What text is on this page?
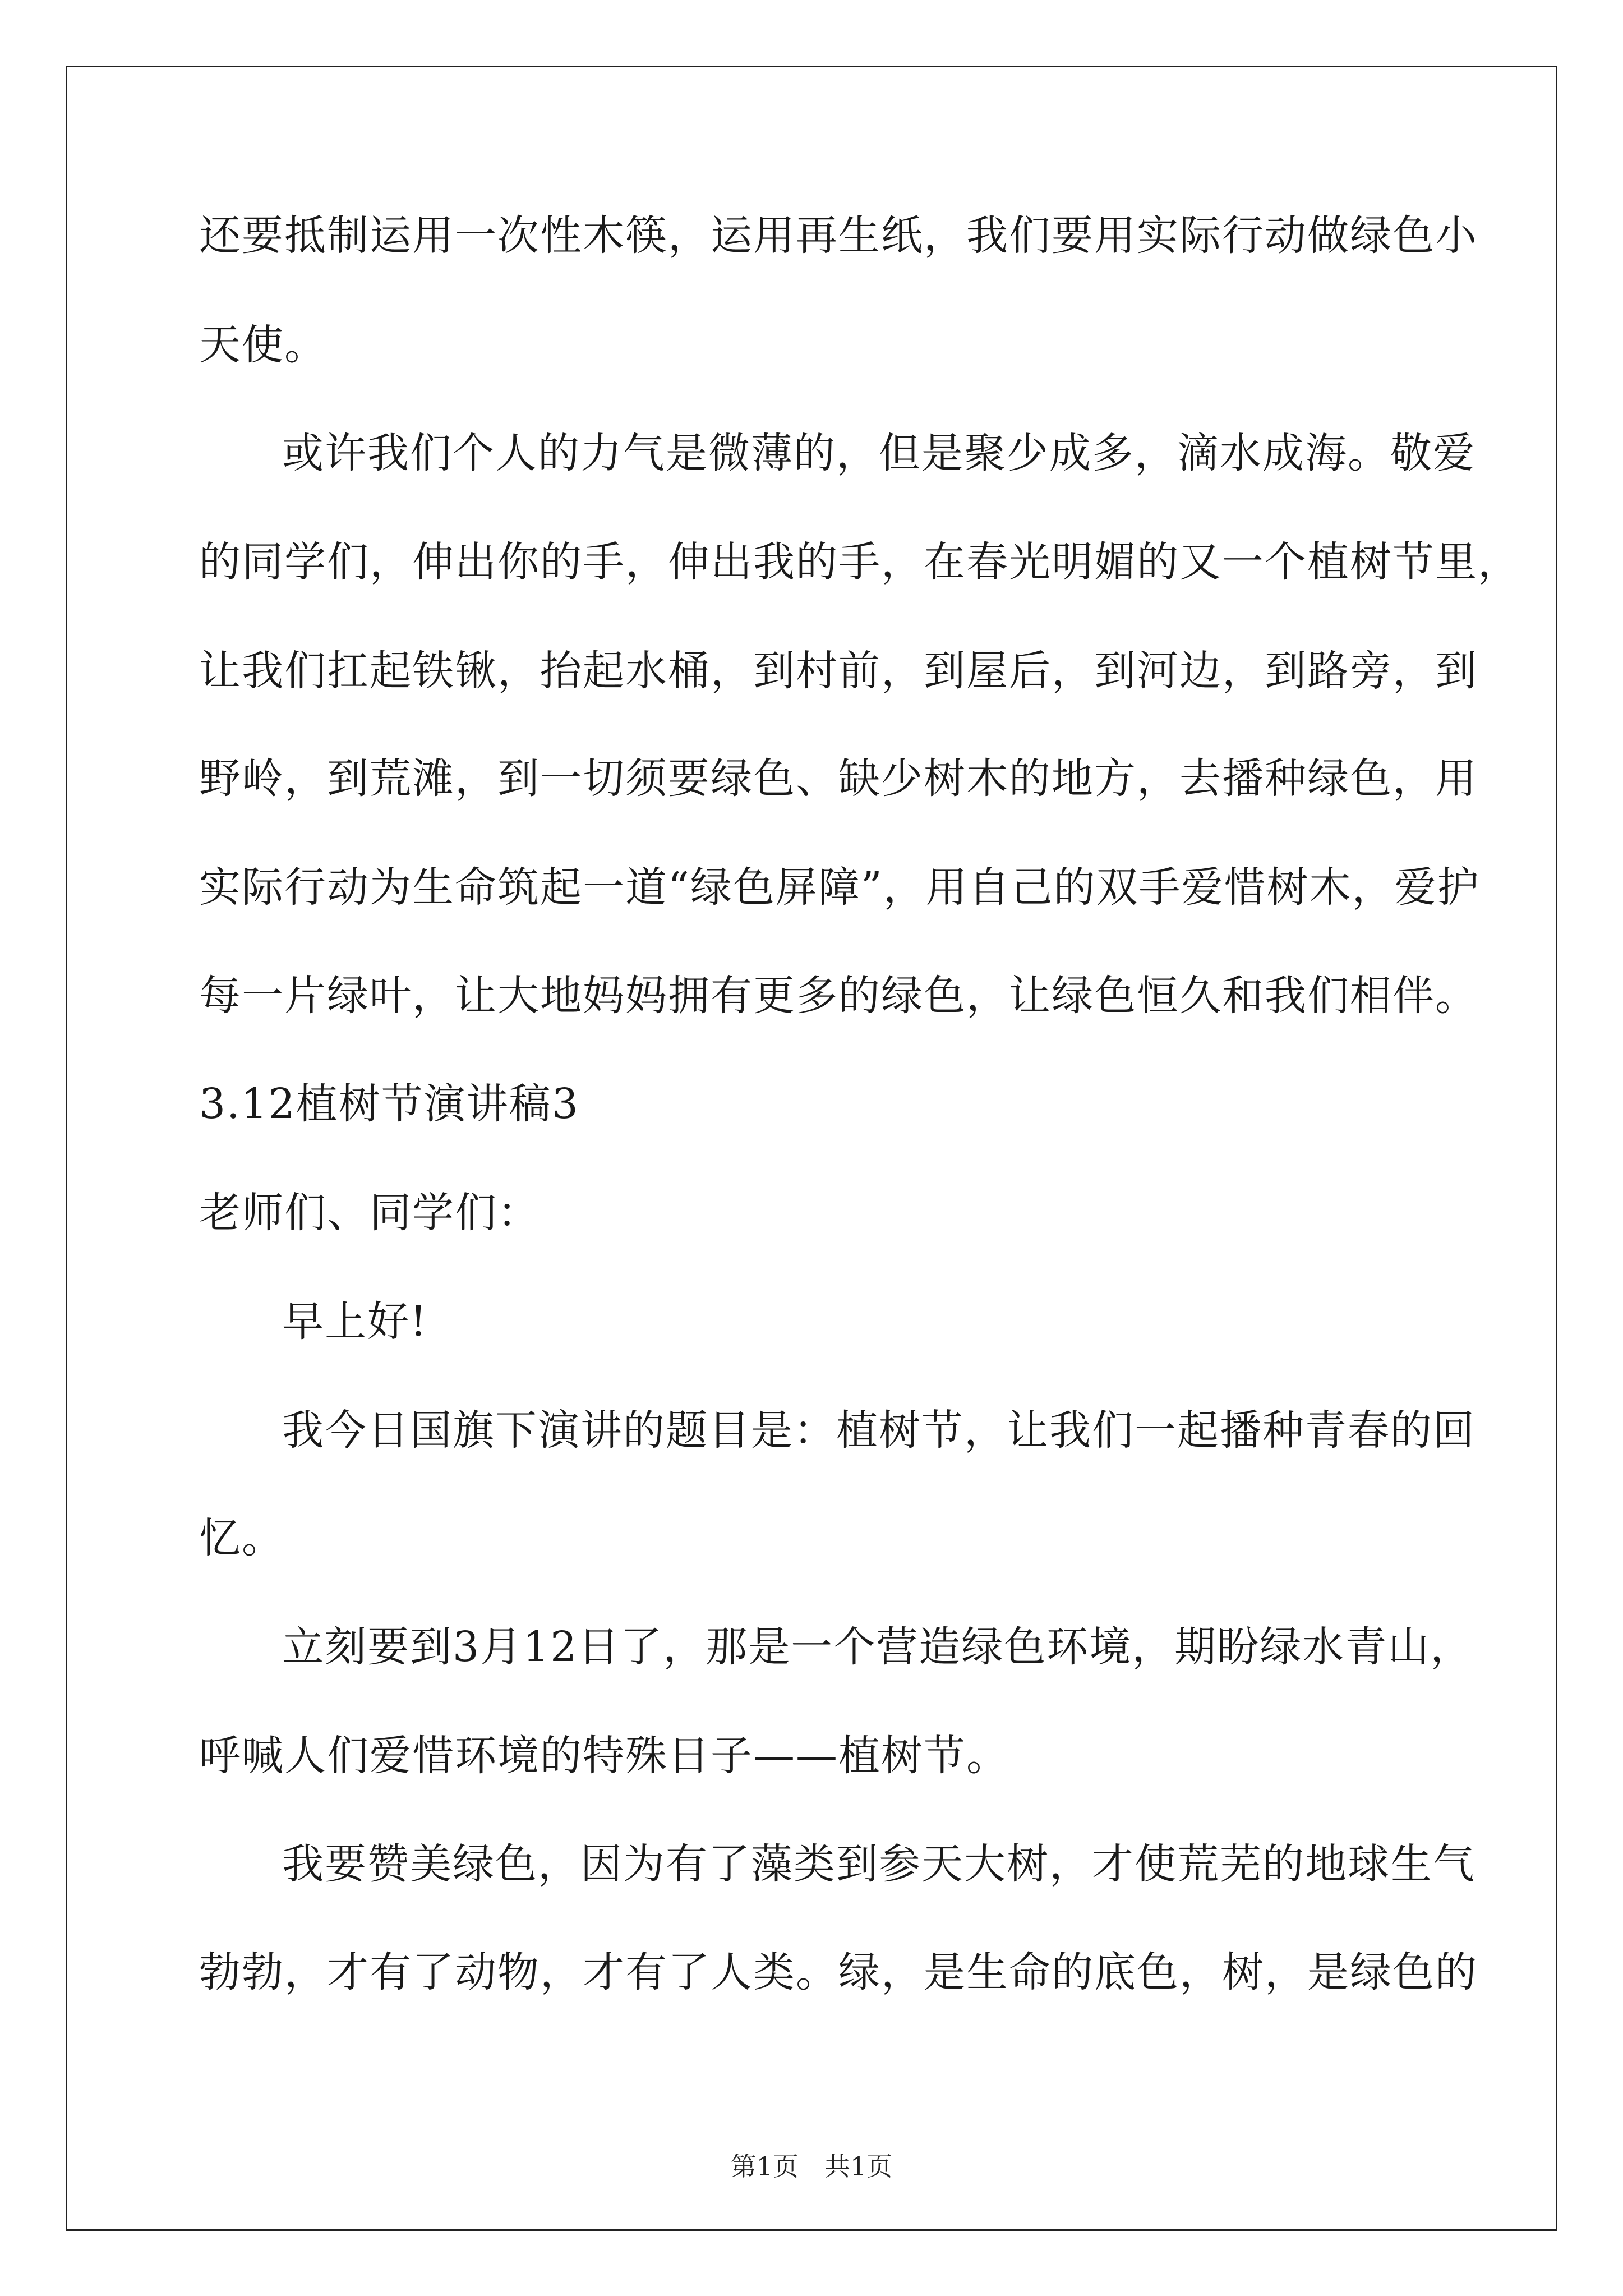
还要抵制运用一次性木筷，运用再生纸，我们要用实际行动做绿色小
天使。
或许我们个人的力气是微薄的，但是聚少成多，滴水成海。敬爱
的同学们，伸出你的手，伸出我的手，在春光明媚的又一个植树节里，
让我们扛起铁锹，抬起水桶，到村前，到屋后，到河边，到路旁，到
野岭，到荒滩，到一切须要绿色、缺少树木的地方，去播种绿色，用
实际行动为生命筑起一道“绿色屏障”，用自己的双手爱惜树木，爱护
每一片绿叶，让大地妈妈拥有更多的绿色，让绿色恒久和我们相伴。
3.12植树节演讲稿3
老师们、同学们：
早上好!
我今日国旗下演讲的题目是：植树节，让我们一起播种青春的回
忆。
立刻要到3月12日了，那是一个营造绿色环境，期盼绿水青山，
呼喊人们爱惜环境的特殊日子——植树节。
我要赞美绿色，因为有了藻类到参天大树，才使荒芜的地球生气
勃勃，才有了动物，才有了人类。绿，是生命的底色，树，是绿色的
第1页　共1页
